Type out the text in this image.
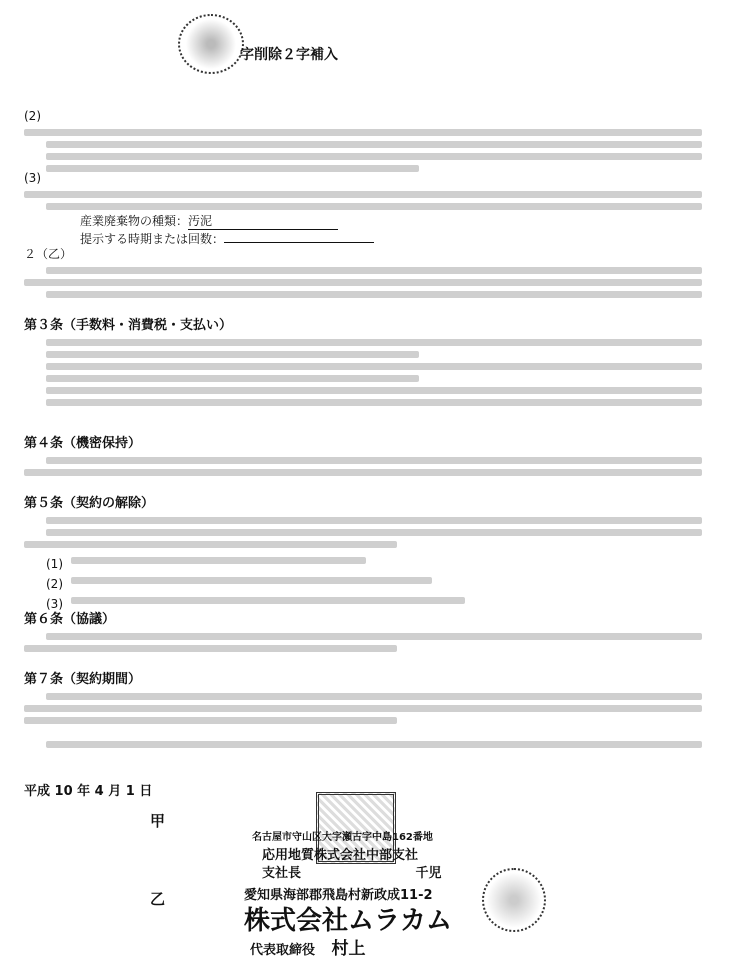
字削除２字補入
(2)
(3)
産業廃棄物の種類：汚泥
提示する時期または回数：
２（乙）
第３条（手数料・消費税・支払い）
第４条（機密保持）
第５条（契約の解除）
(1)
(2)
(3)
第６条（協議）
第７条（契約期間）
平成 10 年 4 月 1 日
甲
名古屋市守山区大字瀬古字中島162番地
応用地質株式会社中部支社
支社長	千児
乙	愛知県海部郡飛島村新政成11-2
株式会社ムラカム
代表取締役 村上
